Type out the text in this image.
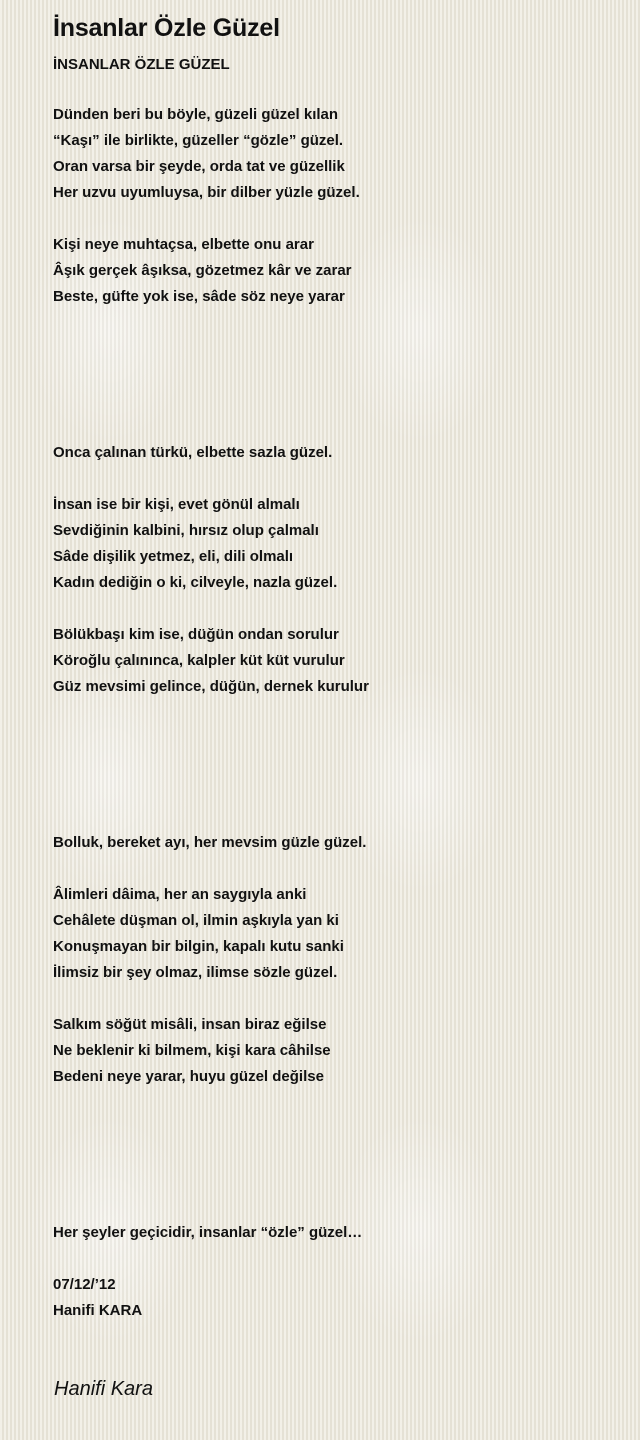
İnsanlar Özle Güzel
İNSANLAR ÖZLE GÜZEL
Dünden beri bu böyle, güzeli güzel kılan
“Kaşı” ile birlikte, güzeller “gözle” güzel.
Oran varsa bir şeyde, orda tat ve güzellik
Her uzvu uyumluysa, bir dilber yüzle güzel.
Kişi neye muhtaçsa, elbette onu arar
Âşık gerçek âşıksa, gözetmez kâr ve zarar
Beste, güfte yok ise, sâde söz neye yarar
Onca çalınan türkü, elbette sazla güzel.
İnsan ise bir kişi, evet gönül almalı
Sevdiğinin kalbini, hırsız olup çalmalı
Sâde dişilik yetmez, eli, dili olmalı
Kadın dediğin o ki, cilveyle, nazla güzel.
Bölükbaşı kim ise, düğün ondan sorulur
Köroğlu çalınınca, kalpler küt küt vurulur
Güz mevsimi gelince, düğün, dernek kurulur
Bolluk, bereket ayı, her mevsim güzle güzel.
Âlimleri dâima, her an saygıyla anki
Cehâlete düşman ol, ilmin aşkıyla yan ki
Konuşmayan bir bilgin, kapalı kutu sanki
İlimsiz bir şey olmaz, ilimse sözle güzel.
Salkım söğüt misâli, insan biraz eğilse
Ne beklenir ki bilmem, kişi kara câhilse
Bedeni neye yarar, huyu güzel değilse
Her şeyler geçicidir, insanlar “özle” güzel…
07/12/’12
Hanifi KARA
Hanifi Kara
